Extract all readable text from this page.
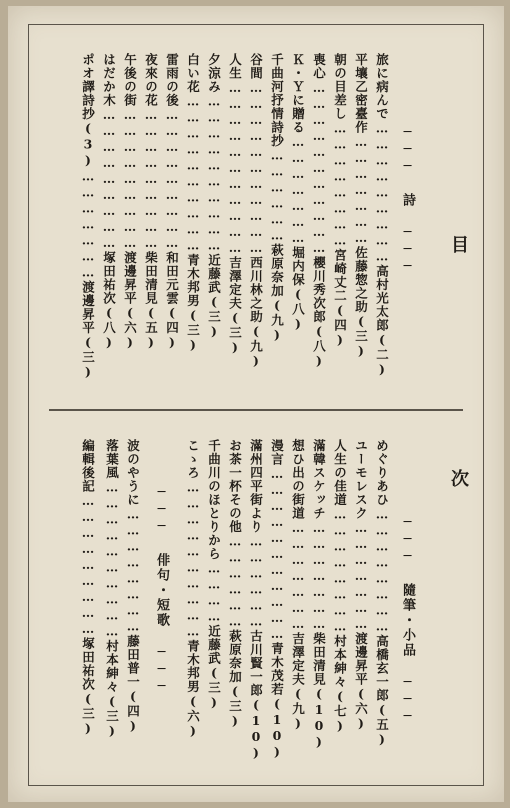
目　　次
─── 詩 ───
旅に病んで………………………高村光太郎(二)
平壤乙密臺作…………………佐藤惣之助(三)
朝の目差し……………………宮崎丈二(四)
喪心……………………………櫻川秀次郎(八)
Ｋ・Ｙに贈る…………………堀内保(八)
千曲河抒情詩抄………………萩原奈加(九)
谷間……………………………西川林之助(九)
人生……………………………吉澤定夫(三)
夕涼み…………………………近藤武(三)
白い花…………………………青木邦男(三)
雷雨の後………………………和田元雲(四)
夜來の花………………………柴田清見(五)
午後の街………………………渡邊昇平(六)
はだか木………………………塚田祐次(八)
ポオ譯詩抄(3)…………………渡邊昇平(三)
─── 隨筆・小品 ───
めぐりあひ……………………高橋玄一郎(五)
ユーモレスク…………………渡邊昇平(六)
人生の佳道……………………村本紳々(七)
滿韓スケッチ…………………柴田清見(10)
想ひ出の街道…………………吉澤定夫(九)
漫言……………………………青木茂若(10)
滿州四平街より………………古川賢一郎(10)
お茶一杯その他………………萩原奈加(三)
千曲川のほとりから…………近藤武(三)
こゝろ…………………………青木邦男(六)
─── 俳句・短歌 ───
波のやうに……………………藤田普一(四)
落葉風…………………………村本紳々(三)
編輯後記………………………塚田祐次(三)
